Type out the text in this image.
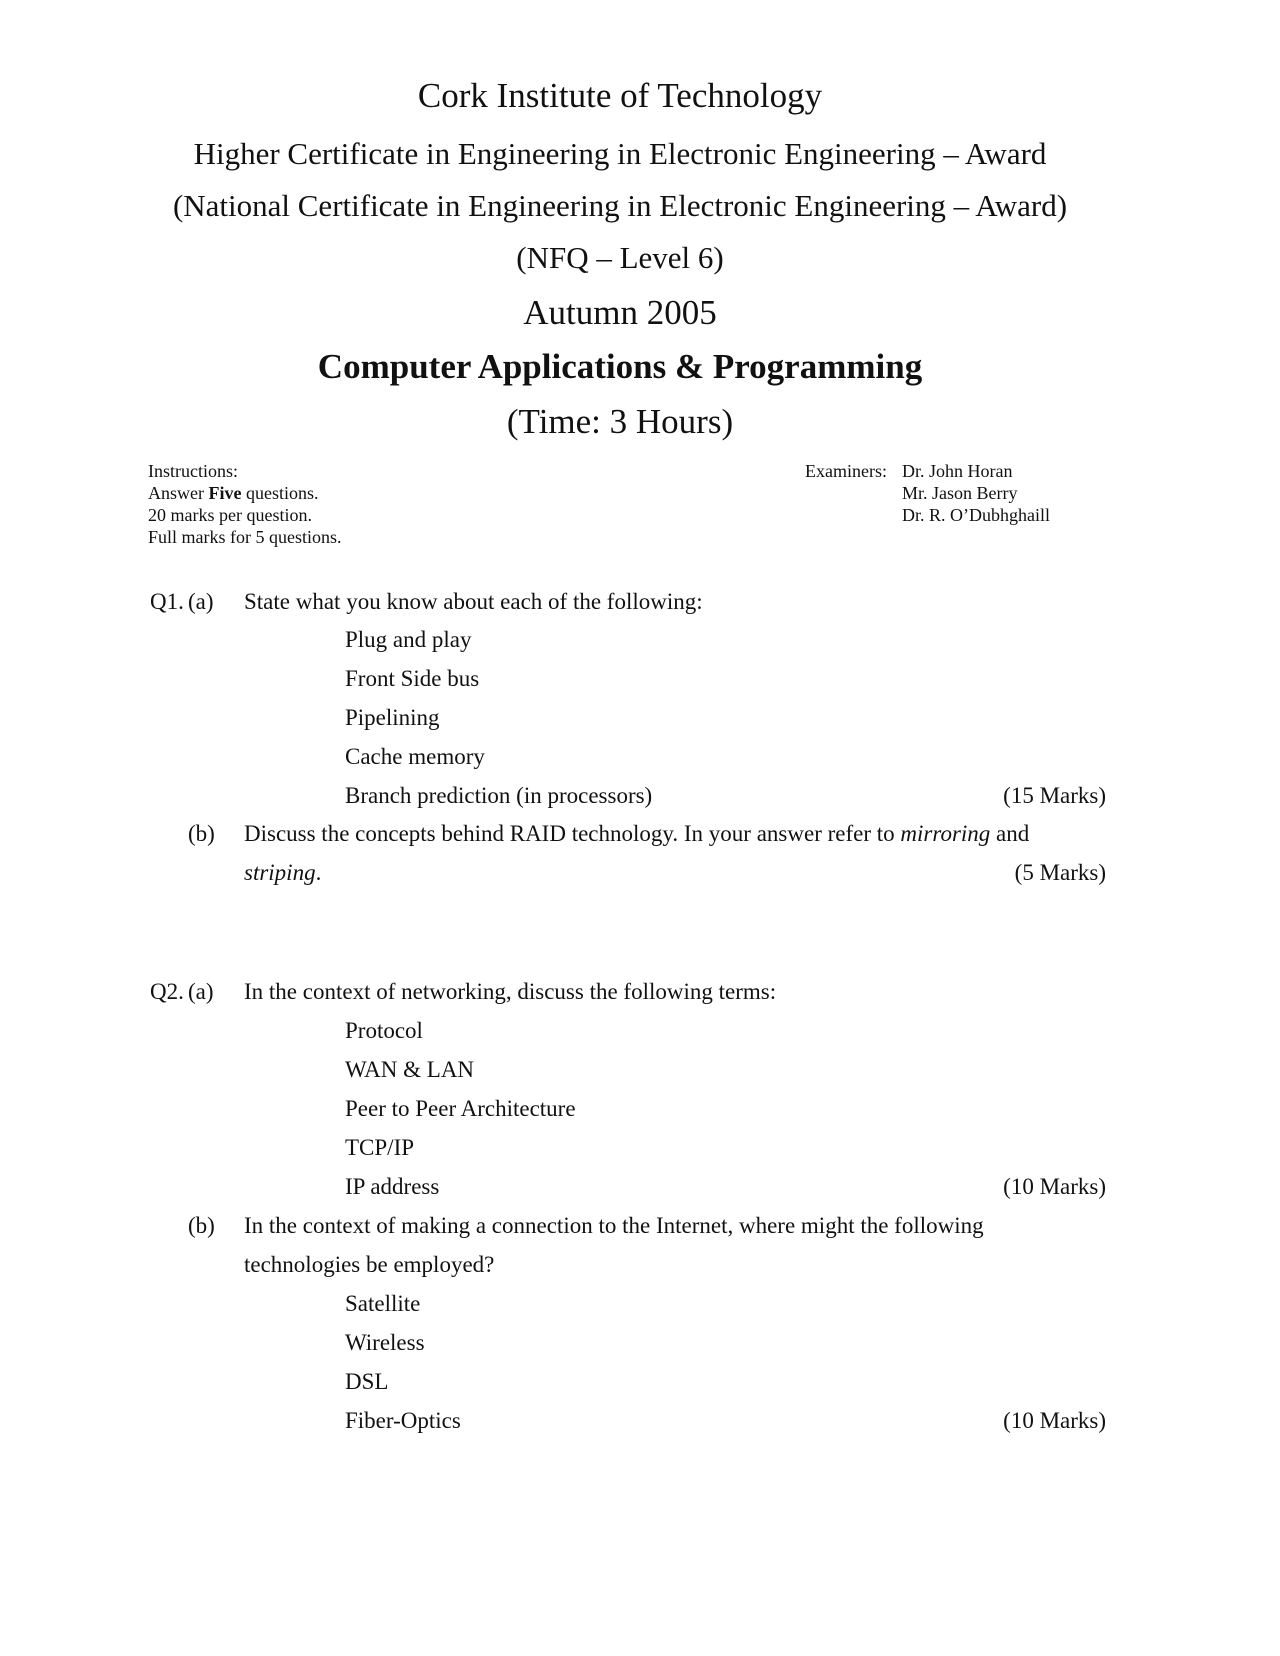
Cork Institute of Technology
Higher Certificate in Engineering in Electronic Engineering – Award
(National Certificate in Engineering in Electronic Engineering – Award)
(NFQ – Level 6)
Autumn 2005
Computer Applications & Programming
(Time: 3 Hours)
Instructions:
Answer Five questions.
20 marks per question.
Full marks for 5 questions.
Examiners: Dr. John Horan
Mr. Jason Berry
Dr. R. O’Dubhghaill
Q1. (a) State what you know about each of the following:
Plug and play
Front Side bus
Pipelining
Cache memory
Branch prediction (in processors)	(15 Marks)
(b) Discuss the concepts behind RAID technology. In your answer refer to mirroring and
striping.	(5 Marks)
Q2. (a) In the context of networking, discuss the following terms:
Protocol
WAN & LAN
Peer to Peer Architecture
TCP/IP
IP address	(10 Marks)
(b) In the context of making a connection to the Internet, where might the following
technologies be employed?
Satellite
Wireless
DSL
Fiber-Optics	(10 Marks)
